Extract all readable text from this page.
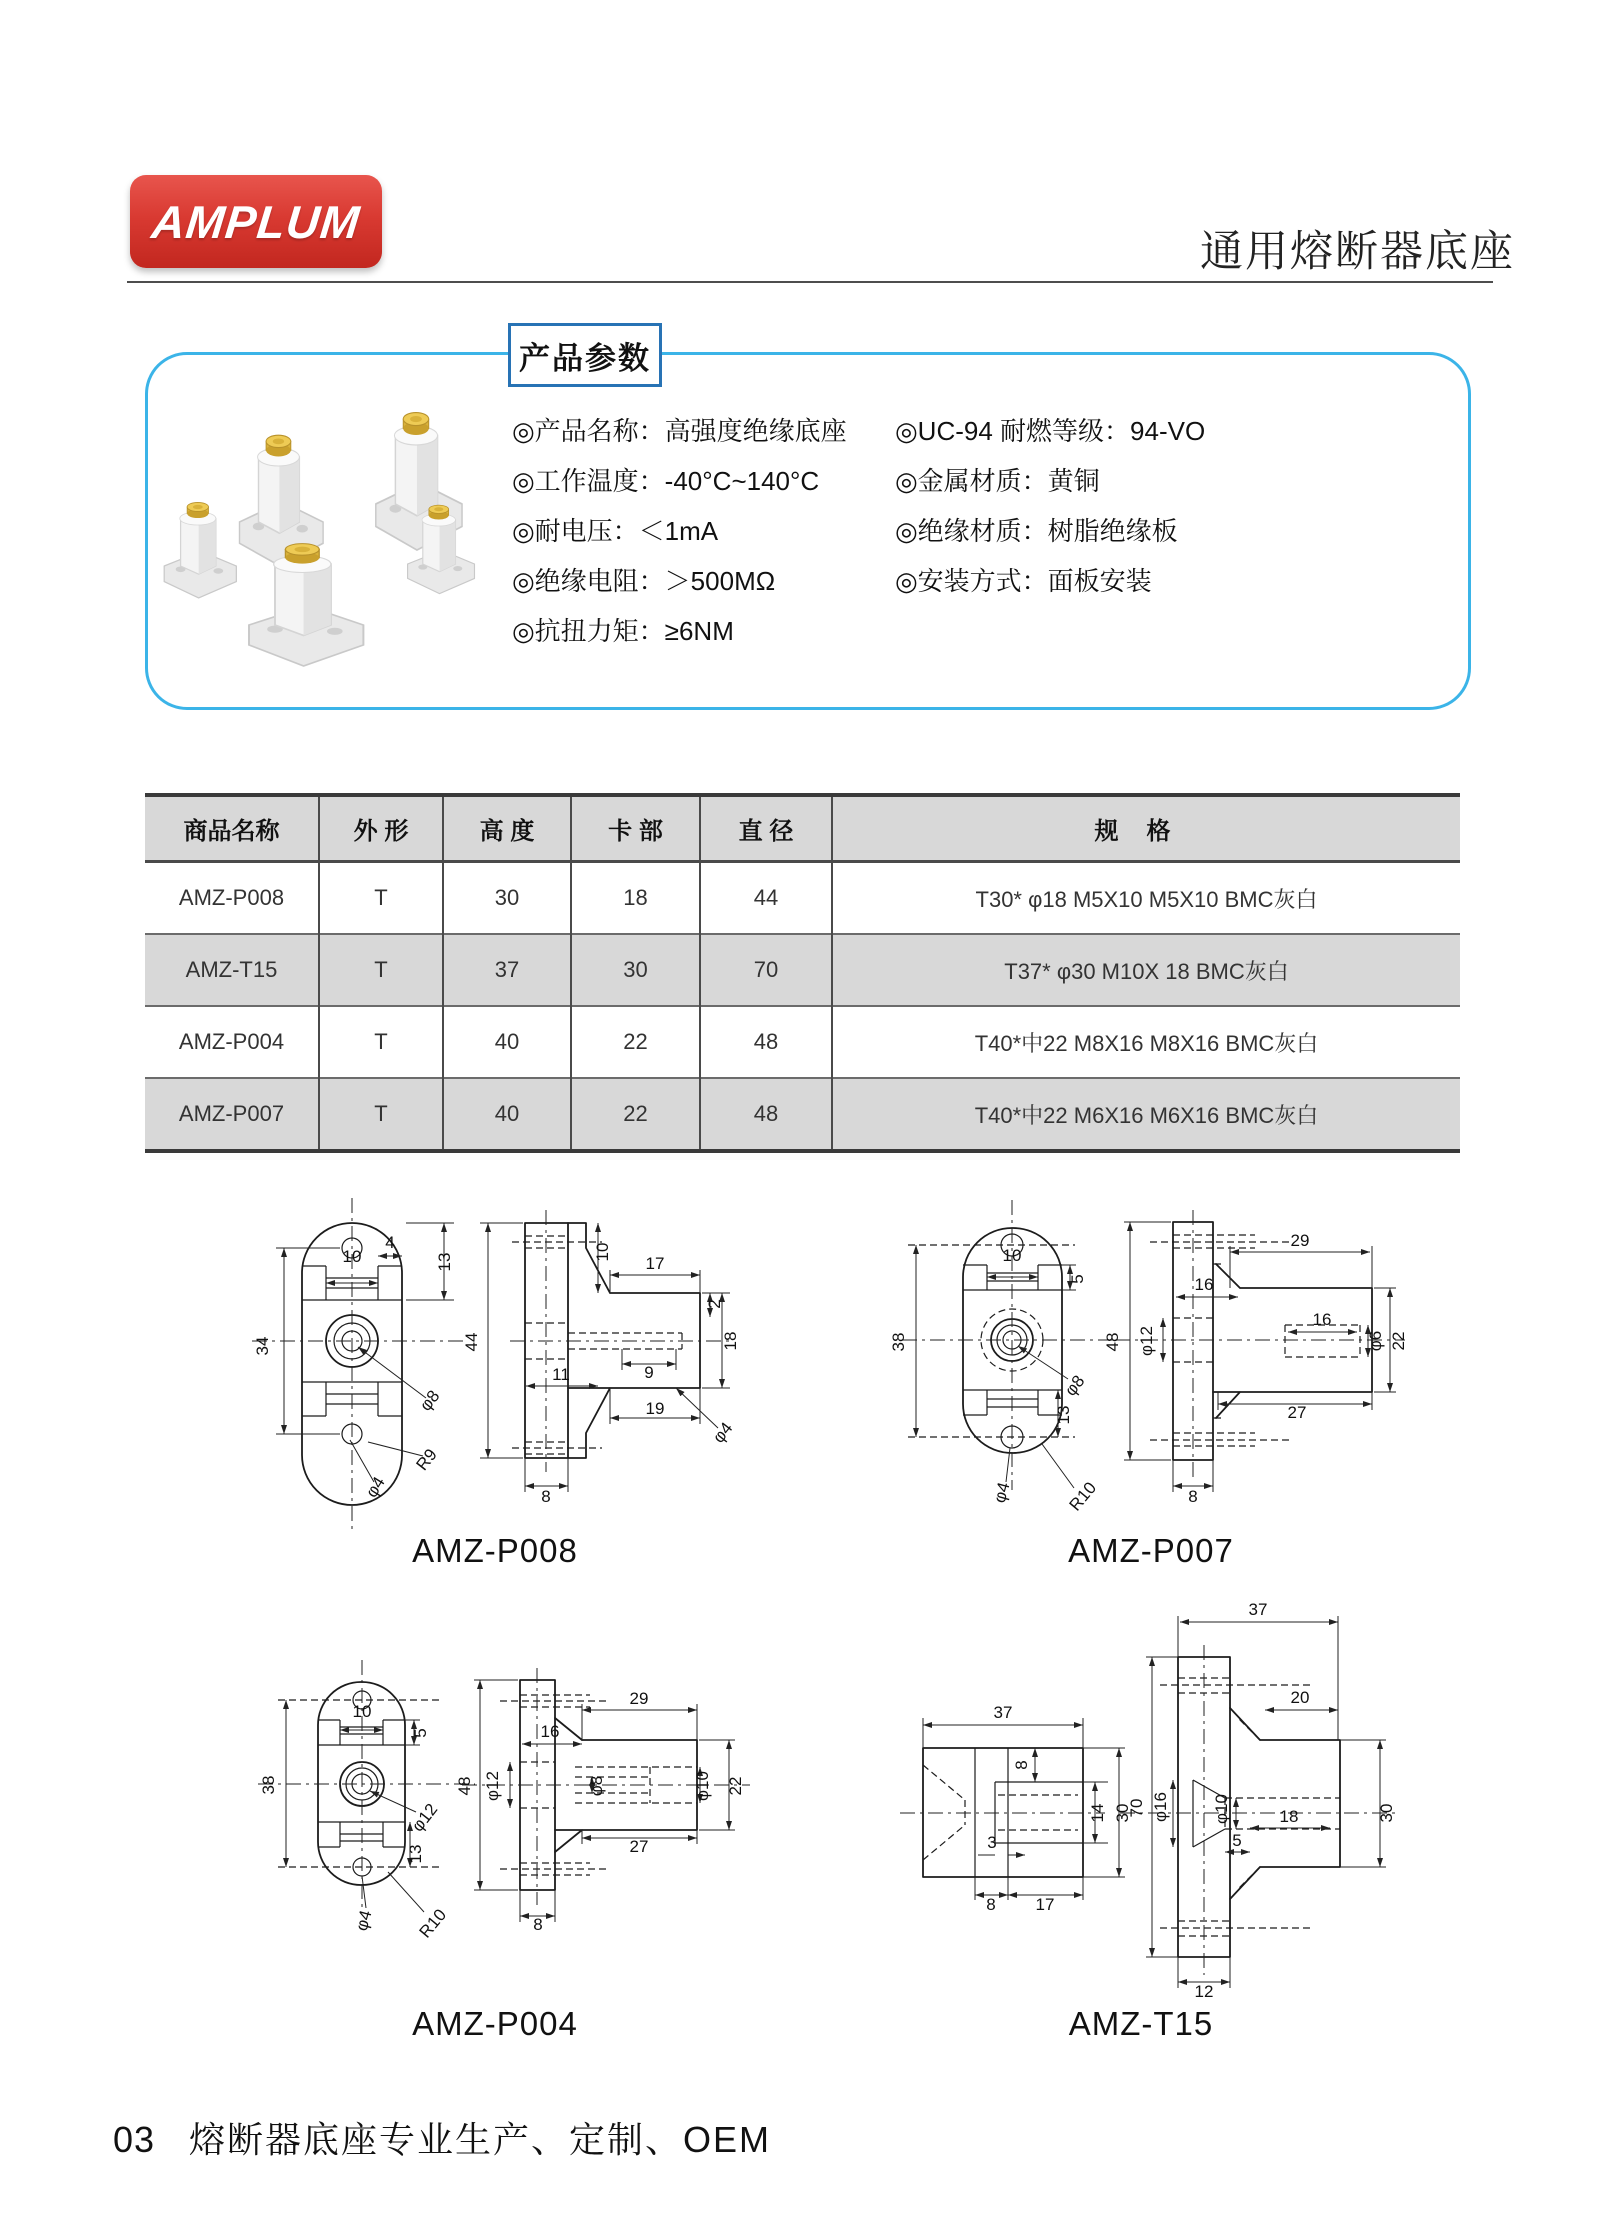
AMPLUM
通用熔断器底座
产品参数
◎产品名称：高强度绝缘底座
◎工作温度：-40°C~140°C
◎耐电压：＜1mA
◎绝缘电阻：＞500MΩ
◎抗扭力矩：≥6NM
◎UC-94 耐燃等级：94-VO
◎金属材质：黄铜
◎绝缘材质：树脂绝缘板
◎安装方式：面板安装
商品名称	外 形	高 度	卡 部	直 径	规格
AMZ-P008	T	30	18	44	T30* φ18 M5X10 M5X10 BMC灰白
AMZ-T15	T	37	30	70	T37* φ30 M10X 18 BMC灰白
AMZ-P004	T	40	22	48	T40*中22 M8X16 M8X16 BMC灰白
AMZ-P007	T	40	22	48	T40*中22 M6X16 M6X16 BMC灰白
34
13
10
4
φ8
R9
φ4
44
10
17
2
18
9
11
19
φ4
8
AMZ-P008
38
10
5
φ8
13
φ4	R10
48 φ12
16
29
16
φ6 22
27
8
AMZ-P007
38
10
5
φ12
13
φ4 R10
48
29
16
φ12	φ8	φ10 22
27
8
AMZ-P004
37
8
14 30
3
8 17
37
20
70 φ16 φ10	18
5
30
12
AMZ-T15
03 熔断器底座专业生产、定制、OEM
